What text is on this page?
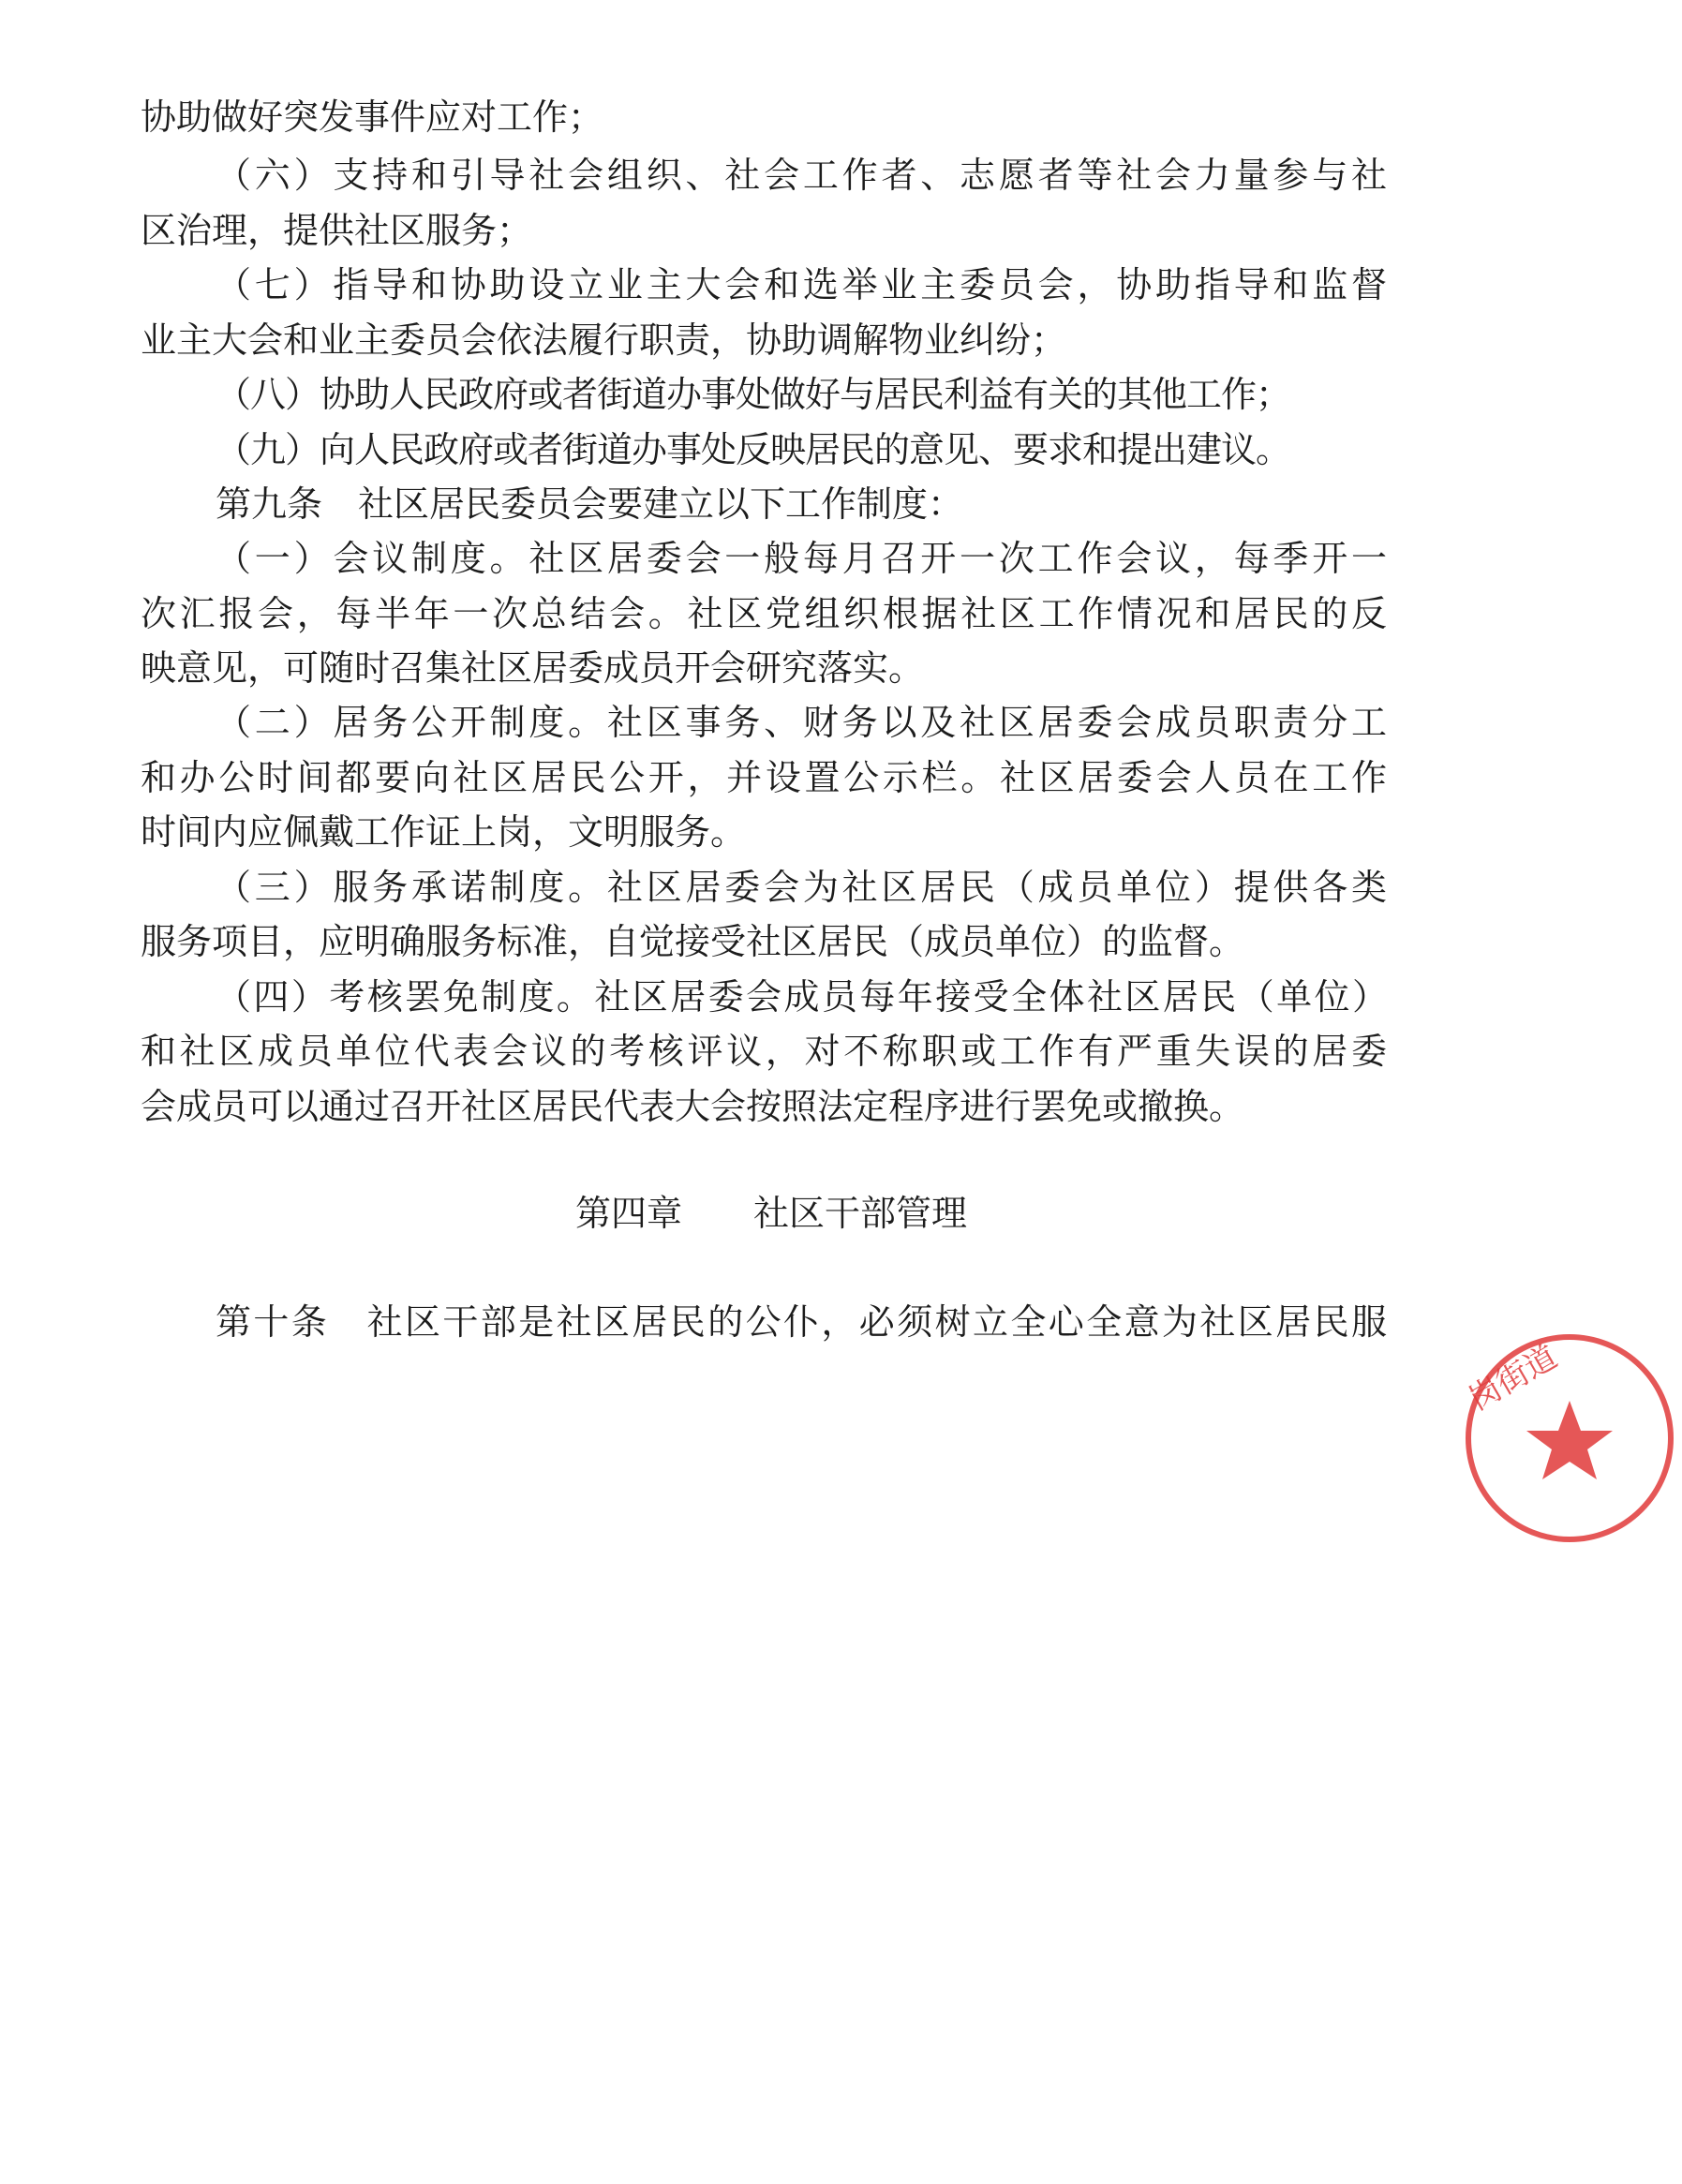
协助做好突发事件应对工作；
（六）支持和引导社会组织、社会工作者、志愿者等社会力量参与社
区治理，提供社区服务；
（七）指导和协助设立业主大会和选举业主委员会，协助指导和监督
业主大会和业主委员会依法履行职责，协助调解物业纠纷；
（八）协助人民政府或者街道办事处做好与居民利益有关的其他工作；
（九）向人民政府或者街道办事处反映居民的意见、要求和提出建议。
第九条　社区居民委员会要建立以下工作制度：
（一）会议制度。社区居委会一般每月召开一次工作会议，每季开一
次汇报会，每半年一次总结会。社区党组织根据社区工作情况和居民的反
映意见，可随时召集社区居委成员开会研究落实。
（二）居务公开制度。社区事务、财务以及社区居委会成员职责分工
和办公时间都要向社区居民公开，并设置公示栏。社区居委会人员在工作
时间内应佩戴工作证上岗，文明服务。
（三）服务承诺制度。社区居委会为社区居民（成员单位）提供各类
服务项目，应明确服务标准，自觉接受社区居民（成员单位）的监督。
（四）考核罢免制度。社区居委会成员每年接受全体社区居民（单位）
和社区成员单位代表会议的考核评议，对不称职或工作有严重失误的居委
会成员可以通过召开社区居民代表大会按照法定程序进行罢免或撤换。
第四章　　社区干部管理
第十条　社区干部是社区居民的公仆，必须树立全心全意为社区居民服
岗街道
